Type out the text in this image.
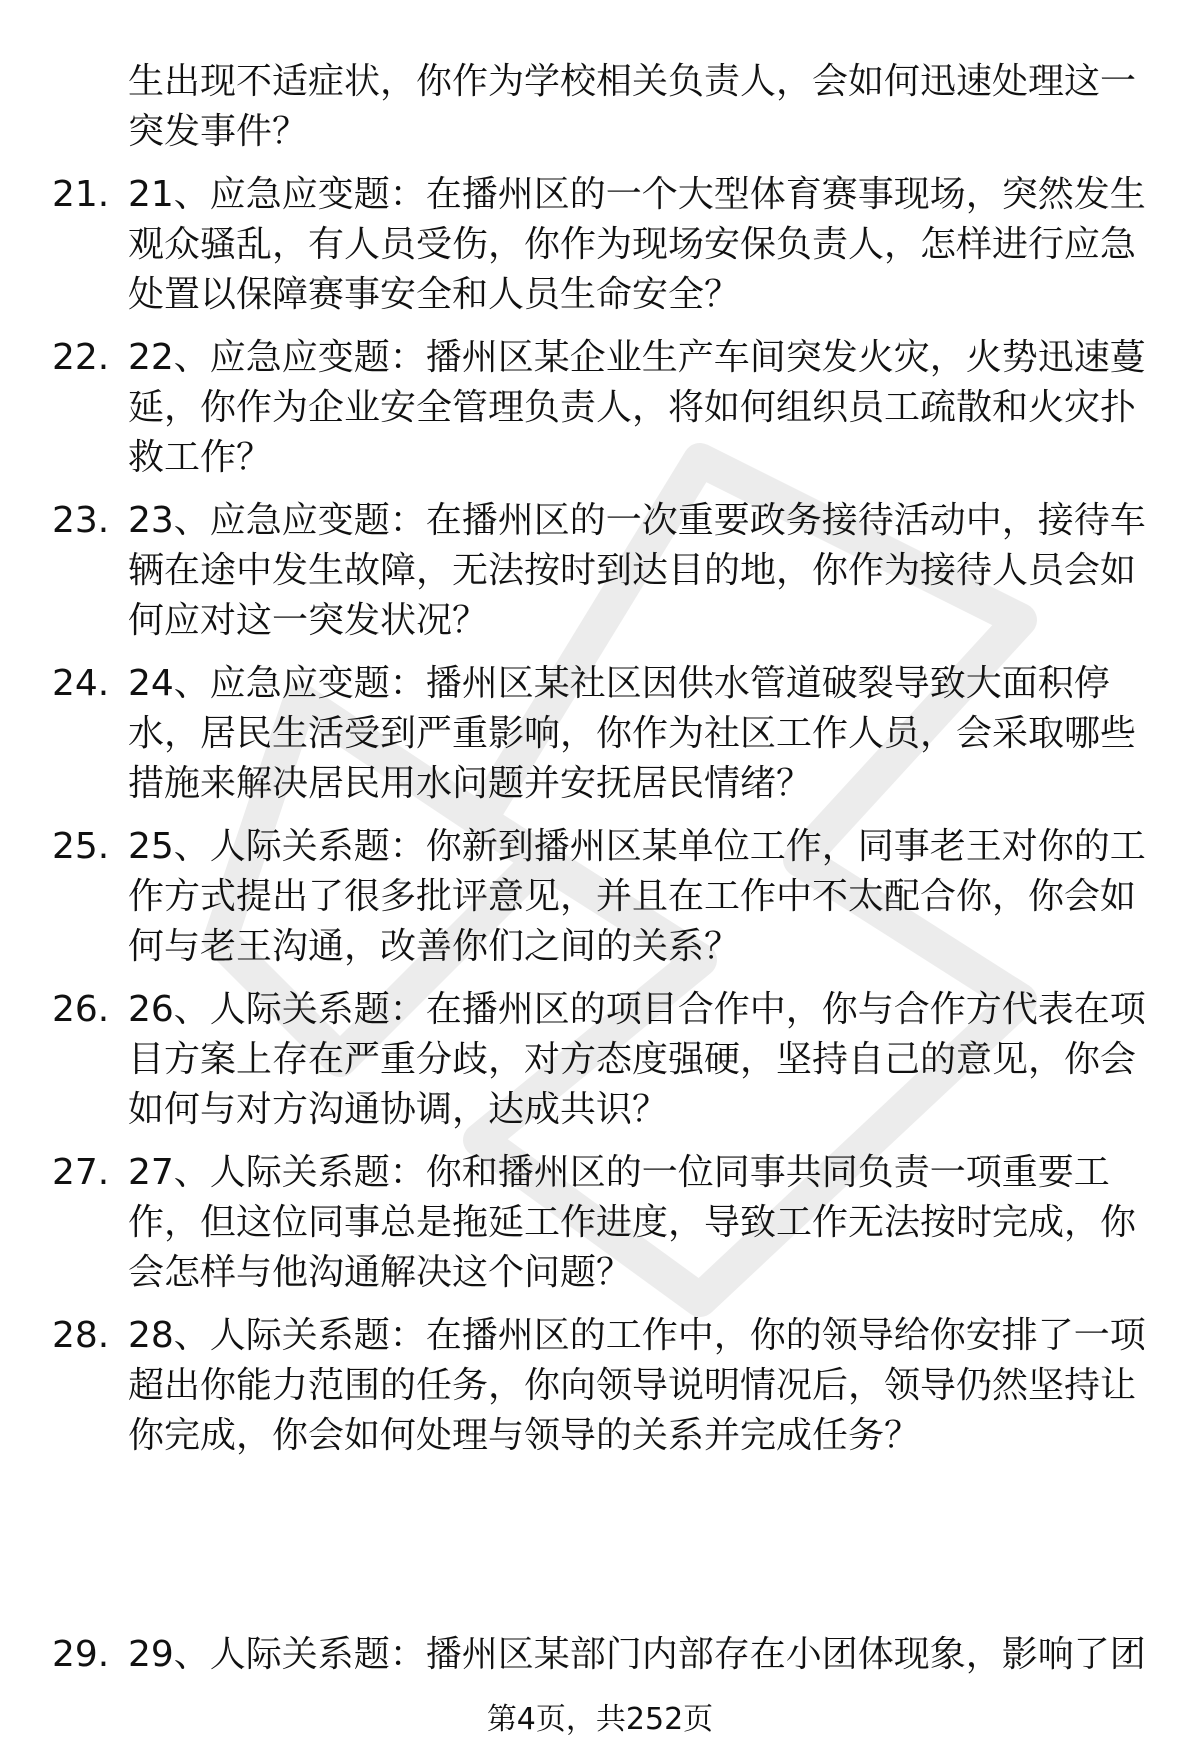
生出现不适症状，你作为学校相关负责人，会如何迅速处理这一突发事件？
21. 21、应急应变题：在播州区的一个大型体育赛事现场，突然发生观众骚乱，有人员受伤，你作为现场安保负责人，怎样进行应急处置以保障赛事安全和人员生命安全？
22. 22、应急应变题：播州区某企业生产车间突发火灾，火势迅速蔓延，你作为企业安全管理负责人，将如何组织员工疏散和火灾扑救工作？
23. 23、应急应变题：在播州区的一次重要政务接待活动中，接待车辆在途中发生故障，无法按时到达目的地，你作为接待人员会如何应对这一突发状况？
24. 24、应急应变题：播州区某社区因供水管道破裂导致大面积停水，居民生活受到严重影响，你作为社区工作人员，会采取哪些措施来解决居民用水问题并安抚居民情绪？
25. 25、人际关系题：你新到播州区某单位工作，同事老王对你的工作方式提出了很多批评意见，并且在工作中不太配合你，你会如何与老王沟通，改善你们之间的关系？
26. 26、人际关系题：在播州区的项目合作中，你与合作方代表在项目方案上存在严重分歧，对方态度强硬，坚持自己的意见，你会如何与对方沟通协调，达成共识？
27. 27、人际关系题：你和播州区的一位同事共同负责一项重要工作，但这位同事总是拖延工作进度，导致工作无法按时完成，你会怎样与他沟通解决这个问题？
28. 28、人际关系题：在播州区的工作中，你的领导给你安排了一项超出你能力范围的任务，你向领导说明情况后，领导仍然坚持让你完成，你会如何处理与领导的关系并完成任务？
29. 29、人际关系题：播州区某部门内部存在小团体现象，影响了团
第4页，共252页
